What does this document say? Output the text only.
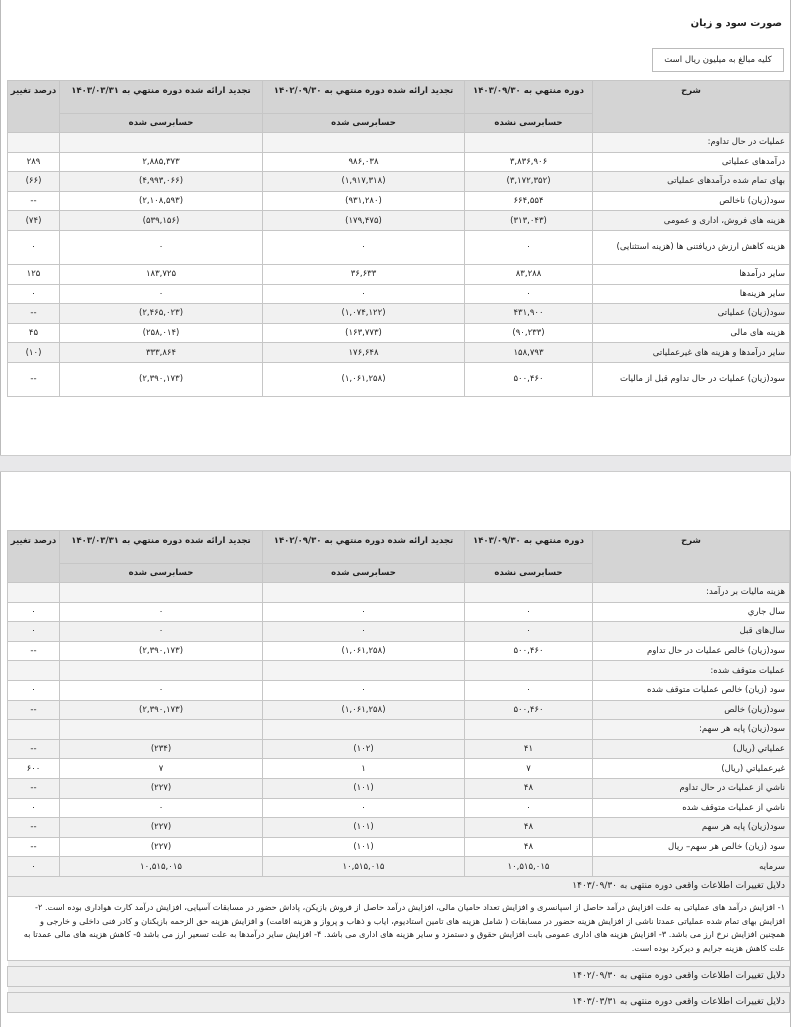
صورت سود و زیان
کلیه مبالغ به میلیون ریال است
شرح	دوره منتهي به ۱۴۰۳/۰۹/۳۰	تجدید ارائه شده دوره منتهي به ۱۴۰۲/۰۹/۳۰	تجدید ارائه شده دوره منتهي به ۱۴۰۳/۰۳/۳۱	درصد تغییر
	حسابرسی نشده	حسابرسی شده	حسابرسی شده	
عملیات در حال تداوم:				
درآمدهای عملیاتی	۳,۸۳۶,۹۰۶	۹۸۶,۰۳۸	۲,۸۸۵,۳۷۳	۲۸۹
بهای تمام شده درآمدهای عملیاتی	(۳,۱۷۲,۳۵۲)	(۱,۹۱۷,۳۱۸)	(۴,۹۹۳,۰۶۶)	(۶۶)
سود(زیان) ناخالص	۶۶۴,۵۵۴	(۹۳۱,۲۸۰)	(۲,۱۰۸,۵۹۳)	--
هزینه های فروش، اداری و عمومی	(۳۱۳,۰۴۳)	(۱۷۹,۴۷۵)	(۵۳۹,۱۵۶)	(۷۴)
هزینه کاهش ارزش دریافتنی ها (هزینه استثنایی)	۰	۰	۰	۰
سایر درآمدها	۸۳,۲۸۸	۳۶,۶۳۳	۱۸۳,۷۲۵	۱۲۵
سایر هزینه‌ها	۰	۰	۰	۰
سود(زیان) عملیاتی	۴۳۱,۹۰۰	(۱,۰۷۴,۱۲۲)	(۲,۴۶۵,۰۲۳)	--
هزینه های مالی	(۹۰,۲۳۳)	(۱۶۳,۷۷۳)	(۲۵۸,۰۱۴)	۴۵
سایر درآمدها و هزینه های غیرعملیاتی	۱۵۸,۷۹۳	۱۷۶,۶۴۸	۳۳۳,۸۶۴	(۱۰)
سود(زیان) عملیات در حال تداوم قبل از مالیات	۵۰۰,۴۶۰	(۱,۰۶۱,۲۵۸)	(۲,۳۹۰,۱۷۳)	--
شرح	دوره منتهي به ۱۴۰۳/۰۹/۳۰	تجدید ارائه شده دوره منتهي به ۱۴۰۲/۰۹/۳۰	تجدید ارائه شده دوره منتهي به ۱۴۰۳/۰۳/۳۱	درصد تغییر
	حسابرسی نشده	حسابرسی شده	حسابرسی شده	
هزینه مالیات بر درآمد:				
سال جاري	۰	۰	۰	۰
سال‌های قبل	۰	۰	۰	۰
سود(زیان) خالص عملیات در حال تداوم	۵۰۰,۴۶۰	(۱,۰۶۱,۲۵۸)	(۲,۳۹۰,۱۷۳)	--
عملیات متوقف شده:				
سود (زیان) خالص عملیات متوقف شده	۰	۰	۰	۰
سود(زیان) خالص	۵۰۰,۴۶۰	(۱,۰۶۱,۲۵۸)	(۲,۳۹۰,۱۷۳)	--
سود(زیان) پایه هر سهم:				
عملیاتي (ریال)	۴۱	(۱۰۲)	(۲۳۴)	--
غیرعملیاتي (ریال)	۷	۱	۷	۶۰۰
ناشي از عملیات در حال تداوم	۴۸	(۱۰۱)	(۲۲۷)	--
ناشي از عملیات متوقف شده	۰	۰	۰	۰
سود(زیان) پایه هر سهم	۴۸	(۱۰۱)	(۲۲۷)	--
سود (زیان) خالص هر سهم– ریال	۴۸	(۱۰۱)	(۲۲۷)	--
سرمایه	۱۰,۵۱۵,۰۱۵	۱۰,۵۱۵,۰۱۵	۱۰,۵۱۵,۰۱۵	۰
دلایل تغییرات اطلاعات واقعی دوره منتهی به ۱۴۰۳/۰۹/۳۰				
۱- افزایش درآمد های عملیاتی به علت افزایش درآمد حاصل از اسپانسری و افزایش تعداد حامیان مالی، افزایش درآمد حاصل از فروش بازیکن، پاداش حضور در مسابقات آسیایی، افزایش درآمد کارت هواداری بوده است. ۲- افزایش بهای تمام شده عملیاتی عمدتا ناشی از افزایش هزینه حضور در مسابقات ( شامل هزینه های تامین استادیوم، ایاب و ذهاب و پرواز و هزینه اقامت) و افزایش هزینه حق الزحمه بازیکنان و کادر فنی داخلی و خارجی و همچنین افزایش نرخ ارز می باشد. ۳- افزایش هزینه های اداری عمومی بابت افزایش حقوق و دستمزد و سایر هزینه های اداری می باشد. ۴- افزایش سایر درآمدها به علت تسعیر ارز می باشد ۵- کاهش هزینه های مالی عمدتا به علت کاهش هزینه جرایم و دیرکرد بوده است.				

دلایل تغییرات اطلاعات واقعی دوره منتهی به ۱۴۰۲/۰۹/۳۰				

دلایل تغییرات اطلاعات واقعی دوره منتهی به ۱۴۰۳/۰۳/۳۱				
